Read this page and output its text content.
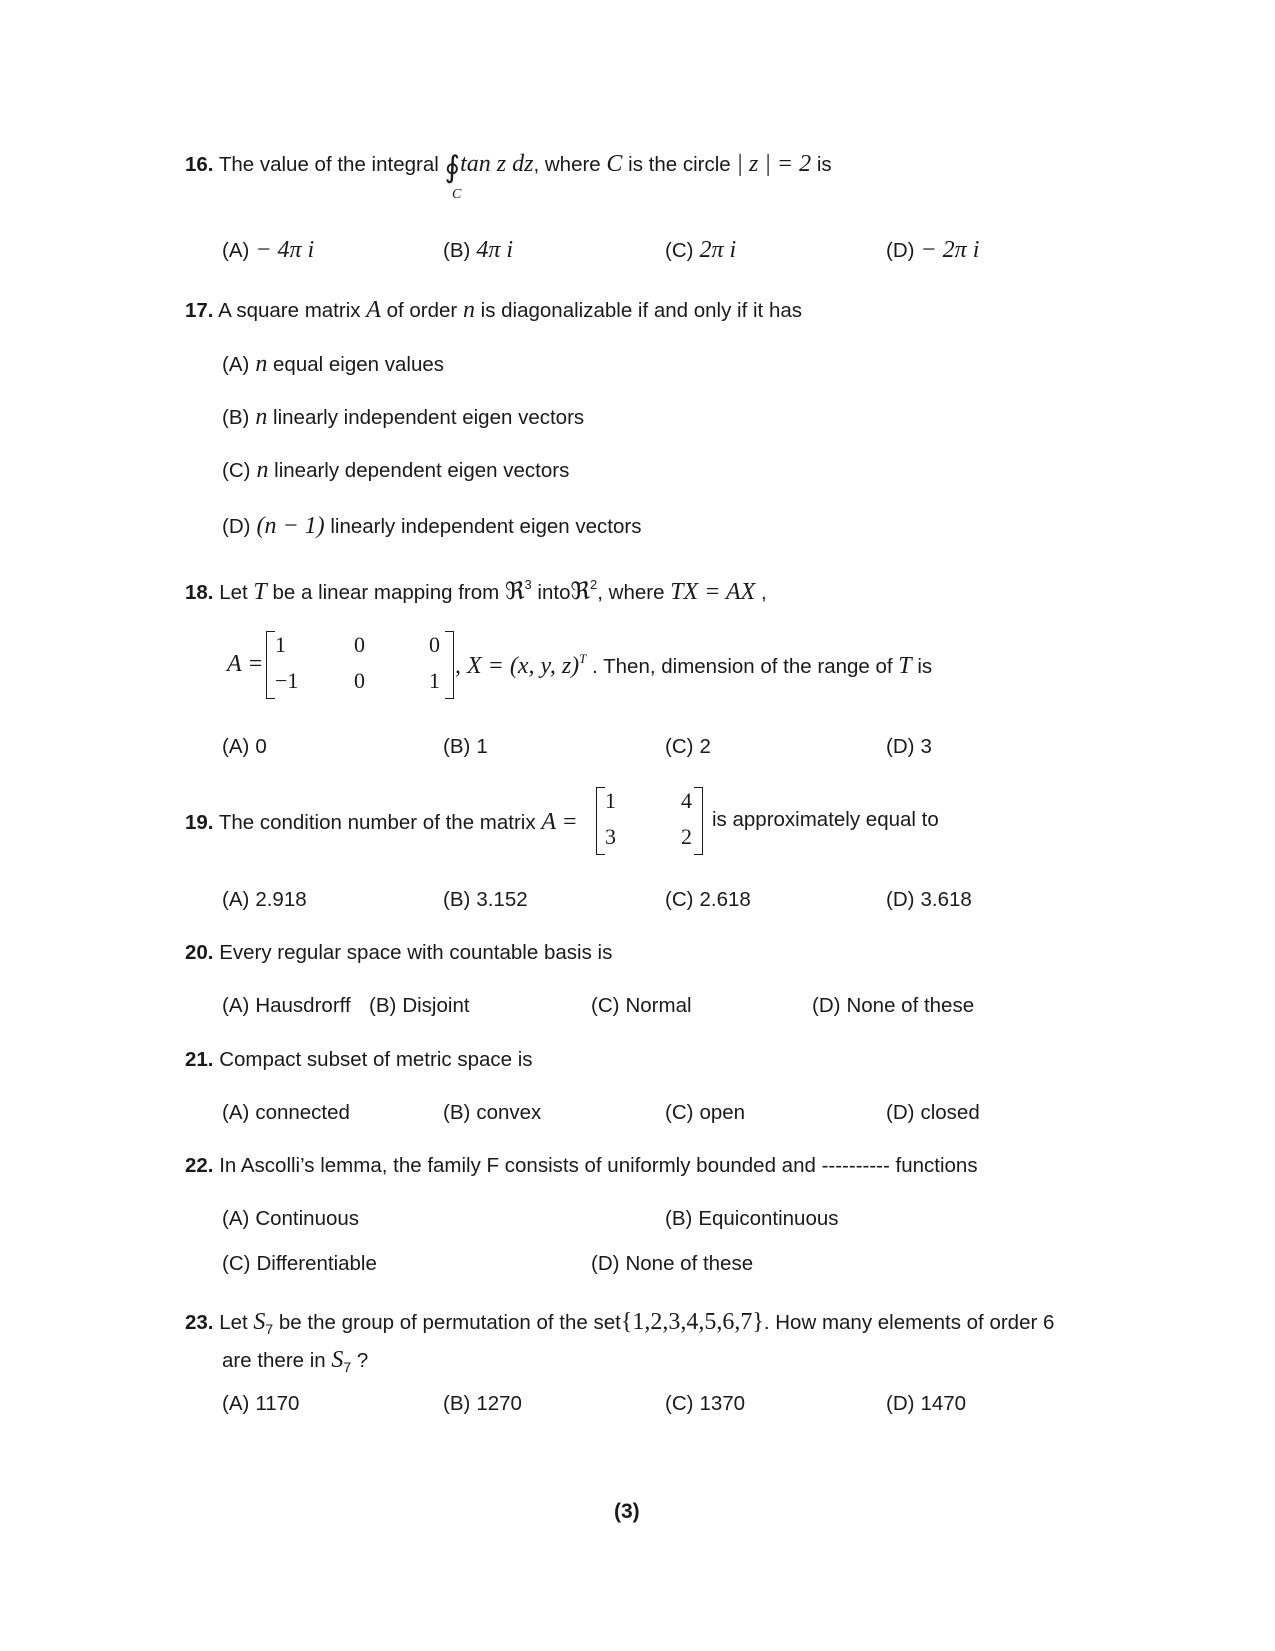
16. The value of the integral ∮tan z dz, where C is the circle | z | = 2 is
C
(A) − 4π i	(B) 4π i	(C) 2π i	(D) − 2π i
17. A square matrix A of order n is diagonalizable if and only if it has
(A) n equal eigen values
(B) n linearly independent eigen vectors
(C) n linearly dependent eigen vectors
(D) (n − 1) linearly independent eigen vectors
18. Let T be a linear mapping from ℜ$^3$ intoℜ$^2$, where TX = AX ,
A =
1	0	0
−1	0	1
, X = (x, y, z)$^T$ . Then, dimension of the range of T is
(A) 0	(B) 1	(C) 2	(D) 3
19. The condition number of the matrix A =
1	4
3	2
is approximately equal to
(A) 2.918	(B) 3.152	(C) 2.618	(D) 3.618
20. Every regular space with countable basis is
(A) Hausdrorff (B) Disjoint	(C) Normal	(D) None of these
21. Compact subset of metric space is
(A) connected	(B) convex	(C) open	(D) closed
22. In Ascolli’s lemma, the family F consists of uniformly bounded and ---------- functions
(A) Continuous	(B) Equicontinuous
(C) Differentiable	(D) None of these
23. Let $S_7$ be the group of permutation of the set{1,2,3,4,5,6,7}. How many elements of order 6
are there in $S_7$ ?
(A) 1170	(B) 1270	(C) 1370	(D) 1470
(3)
